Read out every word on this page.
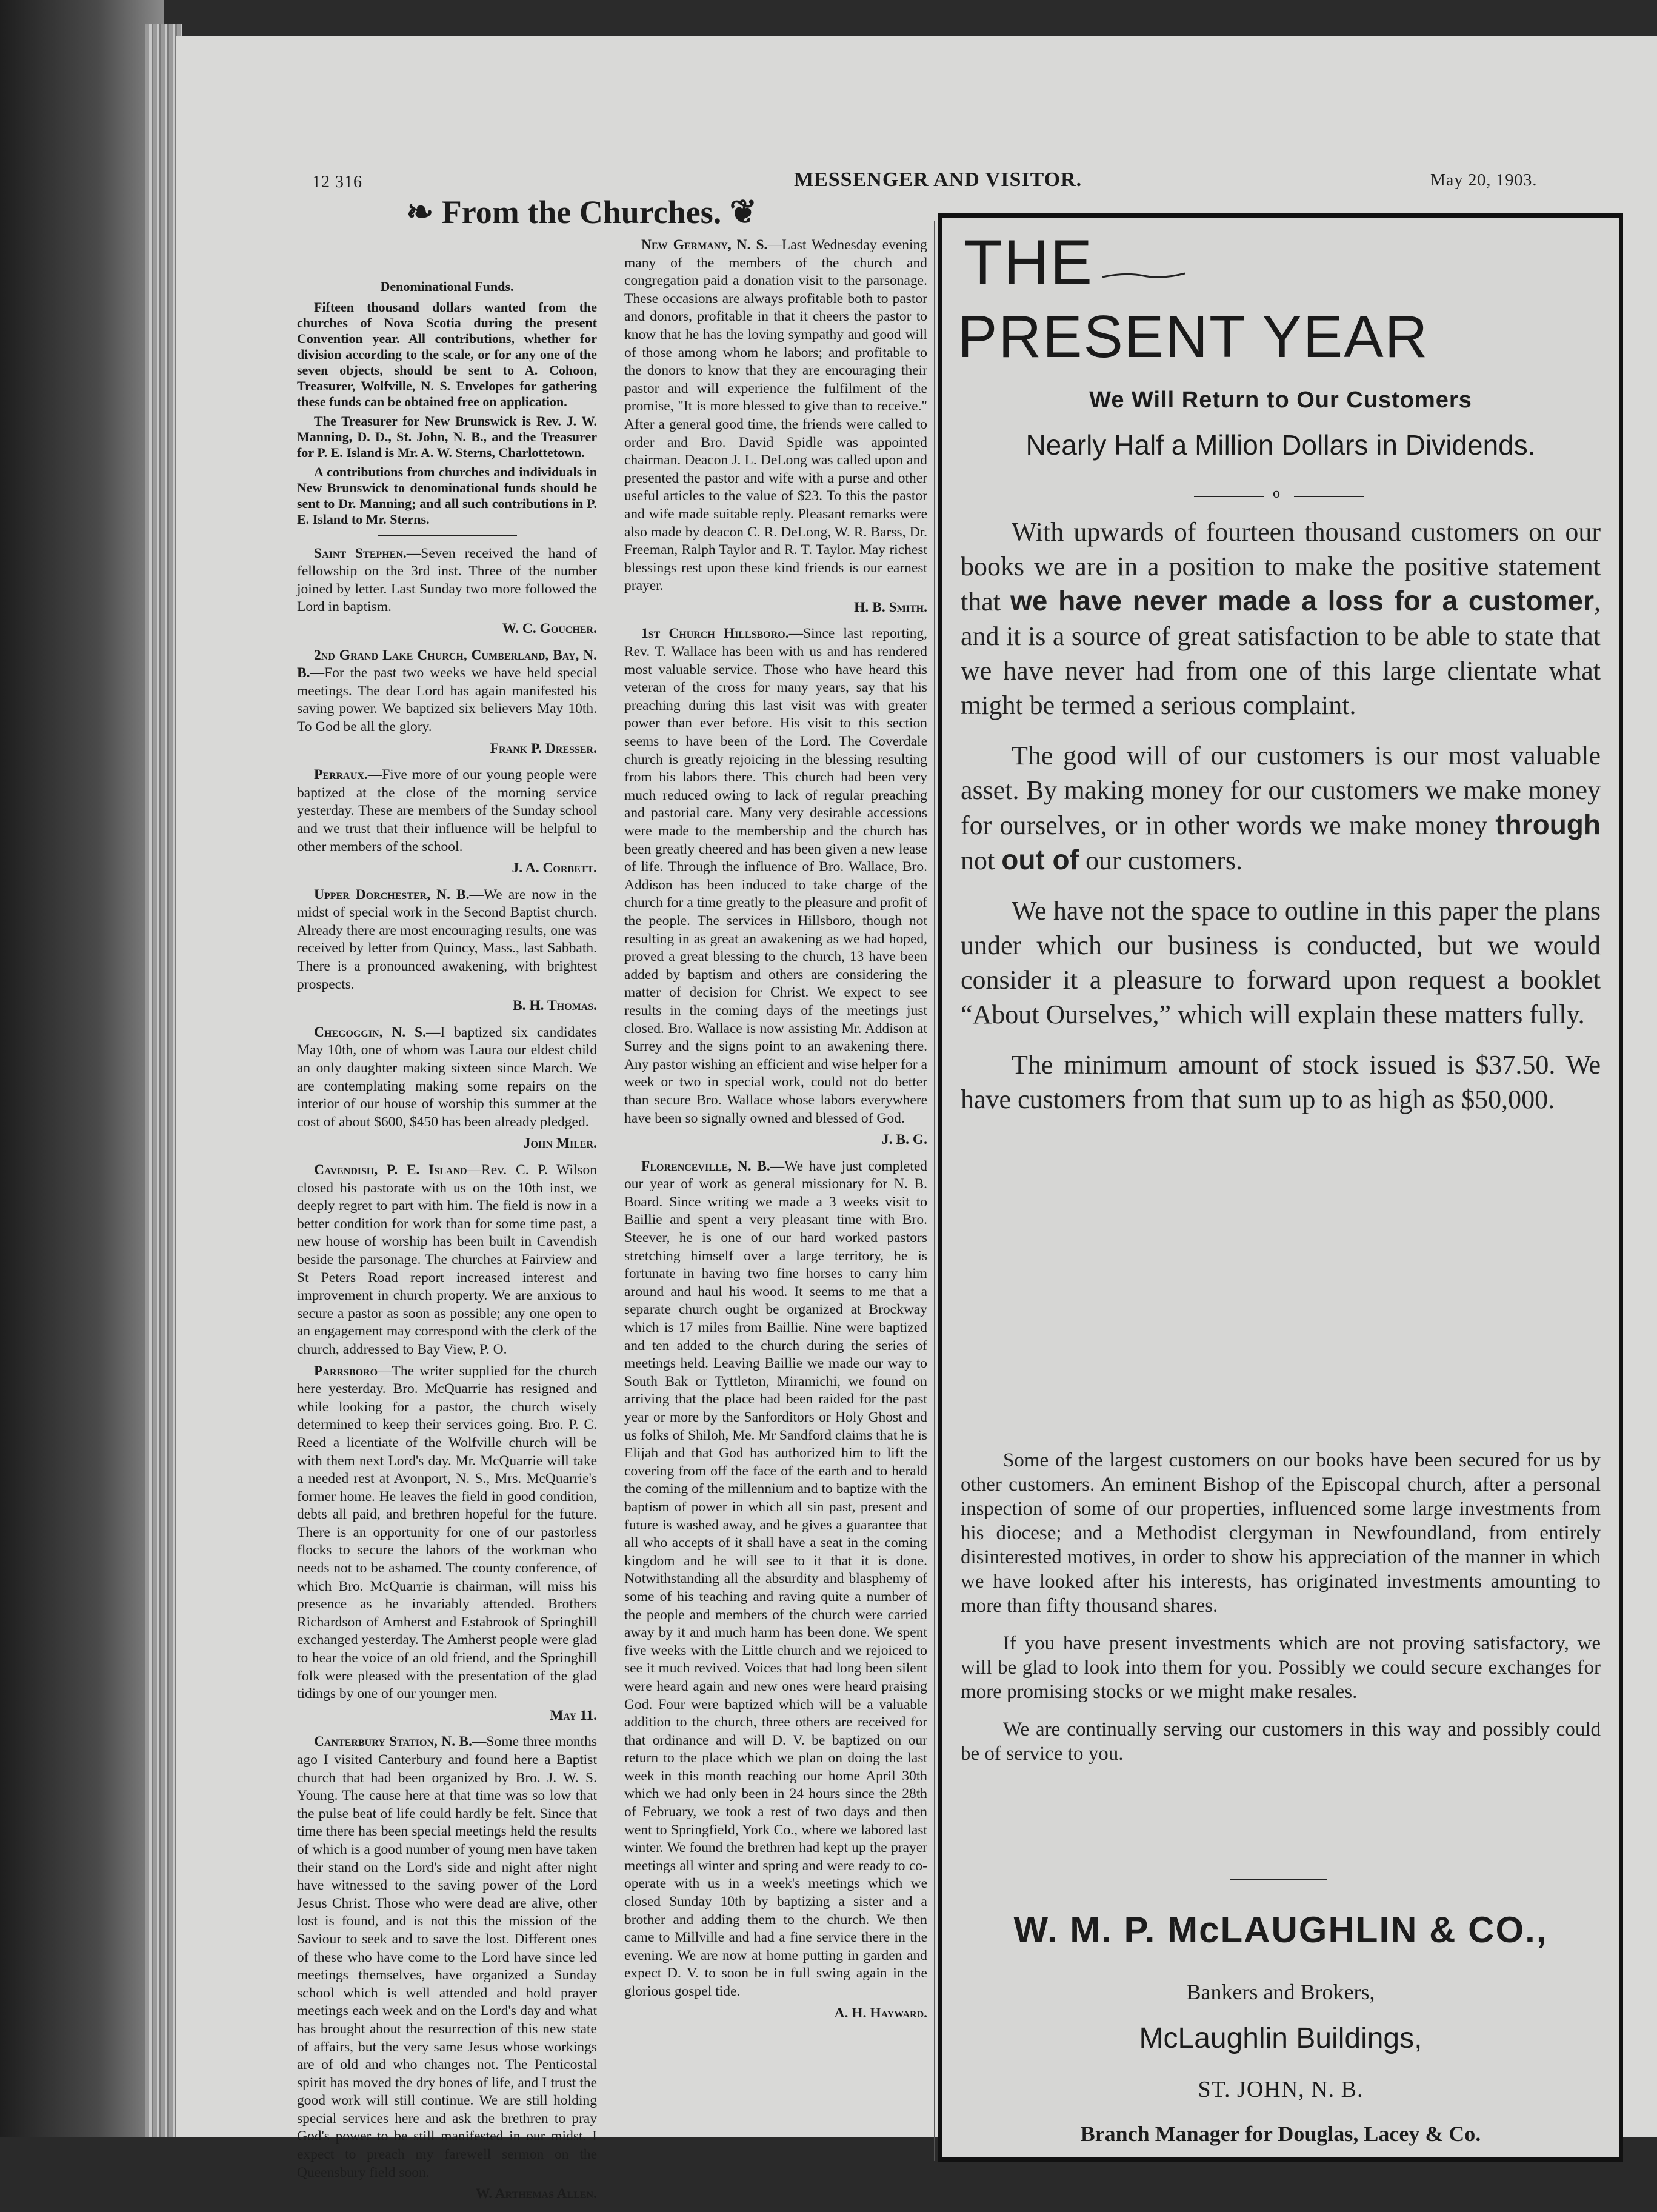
12 316	MESSENGER AND VISITOR.	May 20, 1903.
❧ From the Churches. ❦

Denominational Funds.

Fifteen thousand dollars wanted from the churches of Nova Scotia during the present Convention year. All contributions, whether for division according to the scale, or for any one of the seven objects, should be sent to A. Cohoon, Treasurer, Wolfville, N. S. Envelopes for gathering these funds can be obtained free on application.

The Treasurer for New Brunswick is Rev. J. W. Manning, D. D., St. John, N. B., and the Treasurer for P. E. Island is Mr. A. W. Sterns, Charlottetown.

A contributions from churches and individuals in New Brunswick to denominational funds should be sent to Dr. Manning; and all such contributions in P. E. Island to Mr. Sterns.

Saint Stephen.—Seven received the hand of fellowship on the 3rd inst. Three of the number joined by letter. Last Sunday two more followed the Lord in baptism.

W. C. Goucher.

2nd Grand Lake Church, Cumberland, Bay, N. B.—For the past two weeks we have held special meetings. The dear Lord has again manifested his saving power. We baptized six believers May 10th. To God be all the glory.

Frank P. Dresser.

Perraux.—Five more of our young people were baptized at the close of the morning service yesterday. These are members of the Sunday school and we trust that their influence will be helpful to other members of the school.

J. A. Corbett.

Upper Dorchester, N. B.—We are now in the midst of special work in the Second Baptist church. Already there are most encouraging results, one was received by letter from Quincy, Mass., last Sabbath. There is a pronounced awakening, with brightest prospects.

B. H. Thomas.

Chegoggin, N. S.—I baptized six candidates May 10th, one of whom was Laura our eldest child an only daughter making sixteen since March. We are contemplating making some repairs on the interior of our house of worship this summer at the cost of about $600, $450 has been already pledged.

John Miler.

Cavendish, P. E. Island—Rev. C. P. Wilson closed his pastorate with us on the 10th inst, we deeply regret to part with him. The field is now in a better condition for work than for some time past, a new house of worship has been built in Cavendish beside the parsonage. The churches at Fairview and St Peters Road report increased interest and improvement in church property. We are anxious to secure a pastor as soon as possible; any one open to an engagement may correspond with the clerk of the church, addressed to Bay View, P. O.

Parrsboro—The writer supplied for the church here yesterday. Bro. McQuarrie has resigned and while looking for a pastor, the church wisely determined to keep their services going. Bro. P. C. Reed a licentiate of the Wolfville church will be with them next Lord's day. Mr. McQuarrie will take a needed rest at Avonport, N. S., Mrs. McQuarrie's former home. He leaves the field in good condition, debts all paid, and brethren hopeful for the future. There is an opportunity for one of our pastorless flocks to secure the labors of the workman who needs not to be ashamed. The county conference, of which Bro. McQuarrie is chairman, will miss his presence as he invariably attended. Brothers Richardson of Amherst and Estabrook of Springhill exchanged yesterday. The Amherst people were glad to hear the voice of an old friend, and the Springhill folk were pleased with the presentation of the glad tidings by one of our younger men.

May 11.

Canterbury Station, N. B.—Some three months ago I visited Canterbury and found here a Baptist church that had been organized by Bro. J. W. S. Young. The cause here at that time was so low that the pulse beat of life could hardly be felt. Since that time there has been special meetings held the results of which is a good number of young men have taken their stand on the Lord's side and night after night have witnessed to the saving power of the Lord Jesus Christ. Those who were dead are alive, other lost is found, and is not this the mission of the Saviour to seek and to save the lost. Different ones of these who have come to the Lord have since led meetings themselves, have organized a Sunday school which is well attended and hold prayer meetings each week and on the Lord's day and what has brought about the resurrection of this new state of affairs, but the very same Jesus whose workings are of old and who changes not. The Penticostal spirit has moved the dry bones of life, and I trust the good work will still continue. We are still holding special services here and ask the brethren to pray God's power to be still manifested in our midst. I expect to preach my farewell sermon on the Queensbury field soon.

W. Arthemas Allen.

New Germany, N. S.—Last Wednesday evening many of the members of the church and congregation paid a donation visit to the parsonage. These occasions are always profitable both to pastor and donors, profitable in that it cheers the pastor to know that he has the loving sympathy and good will of those among whom he labors; and profitable to the donors to know that they are encouraging their pastor and will experience the fulfilment of the promise, "It is more blessed to give than to receive." After a general good time, the friends were called to order and Bro. David Spidle was appointed chairman. Deacon J. L. DeLong was called upon and presented the pastor and wife with a purse and other useful articles to the value of $23. To this the pastor and wife made suitable reply. Pleasant remarks were also made by deacon C. R. DeLong, W. R. Barss, Dr. Freeman, Ralph Taylor and R. T. Taylor. May richest blessings rest upon these kind friends is our earnest prayer.

H. B. Smith.

1st Church Hillsboro.—Since last reporting, Rev. T. Wallace has been with us and has rendered most valuable service. Those who have heard this veteran of the cross for many years, say that his preaching during this last visit was with greater power than ever before. His visit to this section seems to have been of the Lord. The Coverdale church is greatly rejoicing in the blessing resulting from his labors there. This church had been very much reduced owing to lack of regular preaching and pastorial care. Many very desirable accessions were made to the membership and the church has been greatly cheered and has been given a new lease of life. Through the influence of Bro. Wallace, Bro. Addison has been induced to take charge of the church for a time greatly to the pleasure and profit of the people. The services in Hillsboro, though not resulting in as great an awakening as we had hoped, proved a great blessing to the church, 13 have been added by baptism and others are considering the matter of decision for Christ. We expect to see results in the coming days of the meetings just closed. Bro. Wallace is now assisting Mr. Addison at Surrey and the signs point to an awakening there. Any pastor wishing an efficient and wise helper for a week or two in special work, could not do better than secure Bro. Wallace whose labors everywhere have been so signally owned and blessed of God.

J. B. G.

Florenceville, N. B.—We have just completed our year of work as general missionary for N. B. Board. Since writing we made a 3 weeks visit to Baillie and spent a very pleasant time with Bro. Steever, he is one of our hard worked pastors stretching himself over a large territory, he is fortunate in having two fine horses to carry him around and haul his wood. It seems to me that a separate church ought be organized at Brockway which is 17 miles from Baillie. Nine were baptized and ten added to the church during the series of meetings held. Leaving Baillie we made our way to South Bak or Tyttleton, Miramichi, we found on arriving that the place had been raided for the past year or more by the Sanforditors or Holy Ghost and us folks of Shiloh, Me. Mr Sandford claims that he is Elijah and that God has authorized him to lift the covering from off the face of the earth and to herald the coming of the millennium and to baptize with the baptism of power in which all sin past, present and future is washed away, and he gives a guarantee that all who accepts of it shall have a seat in the coming kingdom and he will see to it that it is done. Notwithstanding all the absurdity and blasphemy of some of his teaching and raving quite a number of the people and members of the church were carried away by it and much harm has been done. We spent five weeks with the Little church and we rejoiced to see it much revived. Voices that had long been silent were heard again and new ones were heard praising God. Four were baptized which will be a valuable addition to the church, three others are received for that ordinance and will D. V. be baptized on our return to the place which we plan on doing the last week in this month reaching our home April 30th which we had only been in 24 hours since the 28th of February, we took a rest of two days and then went to Springfield, York Co., where we labored last winter. We found the brethren had kept up the prayer meetings all winter and spring and were ready to co-operate with us in a week's meetings which we closed Sunday 10th by baptizing a sister and a brother and adding them to the church. We then came to Millville and had a fine service there in the evening. We are now at home putting in garden and expect D. V. to soon be in full swing again in the glorious gospel tide.

A. H. Hayward.

THE
PRESENT YEAR
We Will Return to Our Customers
Nearly Half a Million Dollars in Dividends.
o

With upwards of fourteen thousand customers on our books we are in a position to make the positive statement that we have never made a loss for a customer, and it is a source of great satisfaction to be able to state that we have never had from one of this large clientate what might be termed a serious complaint.

The good will of our customers is our most valuable asset. By making money for our customers we make money for ourselves, or in other words we make money through not out of our customers.

We have not the space to outline in this paper the plans under which our business is conducted, but we would consider it a pleasure to forward upon request a booklet “About Ourselves,” which will explain these matters fully.

The minimum amount of stock issued is $37.50. We have customers from that sum up to as high as $50,000.

Some of the largest customers on our books have been secured for us by other customers. An eminent Bishop of the Episcopal church, after a personal inspection of some of our properties, influenced some large investments from his diocese; and a Methodist clergyman in Newfoundland, from entirely disinterested motives, in order to show his appreciation of the manner in which we have looked after his interests, has originated investments amounting to more than fifty thousand shares.

If you have present investments which are not proving satisfactory, we will be glad to look into them for you. Possibly we could secure exchanges for more promising stocks or we might make resales.

We are continually serving our customers in this way and possibly could be of service to you.

W. M. P. McLAUGHLIN & CO.,
Bankers and Brokers,
McLaughlin Buildings,
ST. JOHN, N. B.
Branch Manager for Douglas, Lacey & Co.
